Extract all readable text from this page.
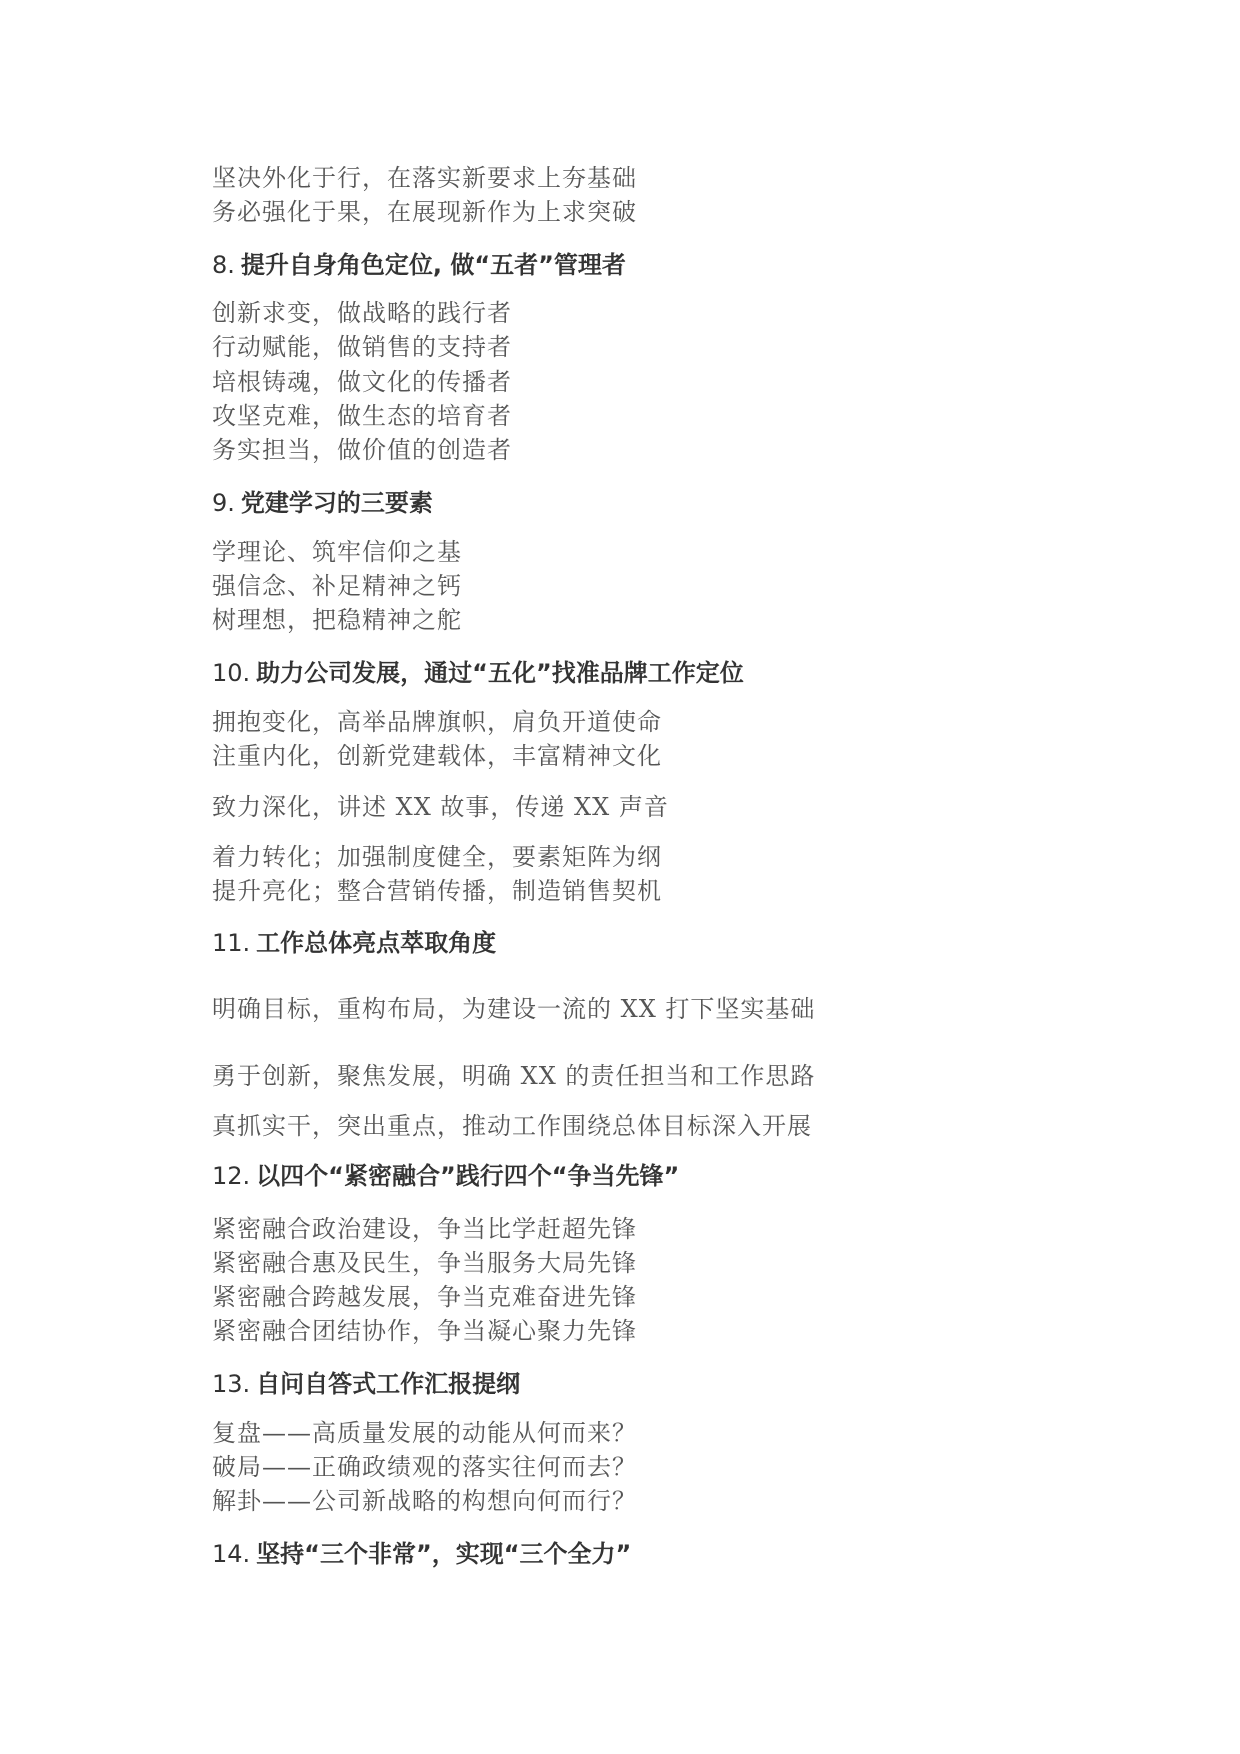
坚决外化于行，在落实新要求上夯基础
务必强化于果，在展现新作为上求突破
8. 提升自身角色定位, 做“五者”管理者
创新求变，做战略的践行者
行动赋能，做销售的支持者
培根铸魂，做文化的传播者
攻坚克难，做生态的培育者
务实担当，做价值的创造者
9. 党建学习的三要素
学理论、筑牢信仰之基
强信念、补足精神之钙
树理想，把稳精神之舵
10. 助力公司发展，通过“五化”找准品牌工作定位
拥抱变化，高举品牌旗帜，肩负开道使命
注重内化，创新党建载体，丰富精神文化
致力深化，讲述 XX 故事，传递 XX 声音
着力转化；加强制度健全，要素矩阵为纲
提升亮化；整合营销传播，制造销售契机
11. 工作总体亮点萃取角度
明确目标，重构布局，为建设一流的 XX 打下坚实基础
勇于创新，聚焦发展，明确 XX 的责任担当和工作思路
真抓实干，突出重点，推动工作围绕总体目标深入开展
12. 以四个“紧密融合”践行四个“争当先锋”
紧密融合政治建设，争当比学赶超先锋
紧密融合惠及民生，争当服务大局先锋
紧密融合跨越发展，争当克难奋进先锋
紧密融合团结协作，争当凝心聚力先锋
13. 自问自答式工作汇报提纲
复盘——高质量发展的动能从何而来？
破局——正确政绩观的落实往何而去？
解卦——公司新战略的构想向何而行？
14. 坚持“三个非常”，实现“三个全力”
